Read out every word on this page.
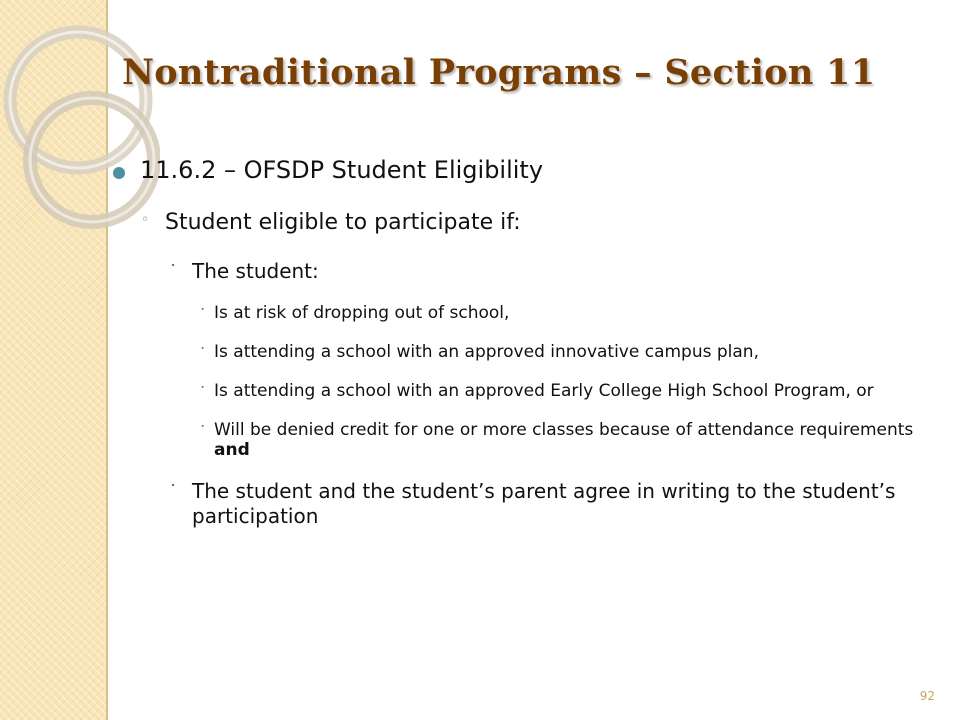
Nontraditional Programs – Section 11
11.6.2 – OFSDP Student Eligibility
◦ Student eligible to participate if:
⠂ The student:
⠂ Is at risk of dropping out of school,
⠂ Is attending a school with an approved innovative campus plan,
⠂ Is attending a school with an approved Early College High School Program, or
⠂ Will be denied credit for one or more classes because of attendance requirements and
⠂ The student and the student’s parent agree in writing to the student’s participation
92
